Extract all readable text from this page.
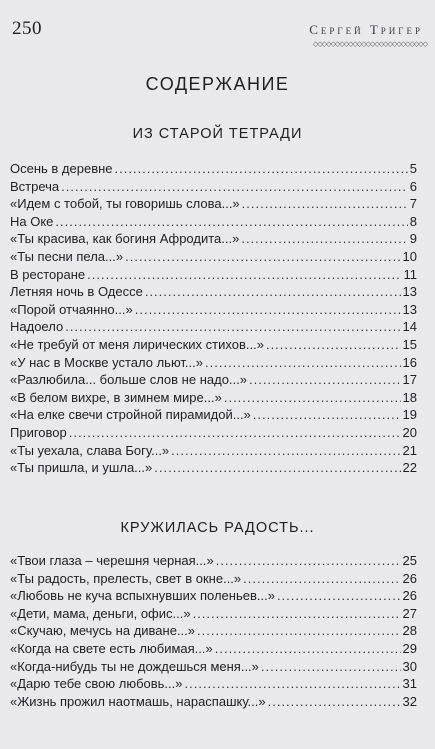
250	Сергей Тригер
◇◇◇◇◇◇◇◇◇◇◇◇◇◇◇◇◇◇◇◇◇◇◇◇◇◇
СОДЕРЖАНИЕ
ИЗ СТАРОЙ ТЕТРАДИ
Осень в деревне .....	5
Встреча .....	6
«Идем с тобой, ты говоришь слова...» .....	7
На Оке .....	8
«Ты красива, как богиня Афродита...» .....	9
«Ты песни пела...» .....	10
В ресторане .....	11
Летняя ночь в Одессе .....	13
«Порой отчаянно...» .....	13
Надоело .....	14
«Не требуй от меня лирических стихов...» .....	15
«У нас в Москве устало льют...» .....	16
«Разлюбила... больше слов не надо...» .....	17
«В белом вихре, в зимнем мире...» .....	18
«На елке свечи стройной пирамидой...» .....	19
Приговор .....	20
«Ты уехала, слава Богу...» .....	21
«Ты пришла, и ушла...» .....	22
КРУЖИЛАСЬ РАДОСТЬ...
«Твои глаза – черешня черная...» .....	25
«Ты радость, прелесть, свет в окне...» .....	26
«Любовь не куча вспыхнувших поленьев...» .....	26
«Дети, мама, деньги, офис...» .....	27
«Скучаю, мечусь на диване...» .....	28
«Когда на свете есть любимая...» .....	29
«Когда-нибудь ты не дождешься меня...» .....	30
«Дарю тебе свою любовь...» .....	31
«Жизнь прожил наотмашь, нараспашку...» .....	32
